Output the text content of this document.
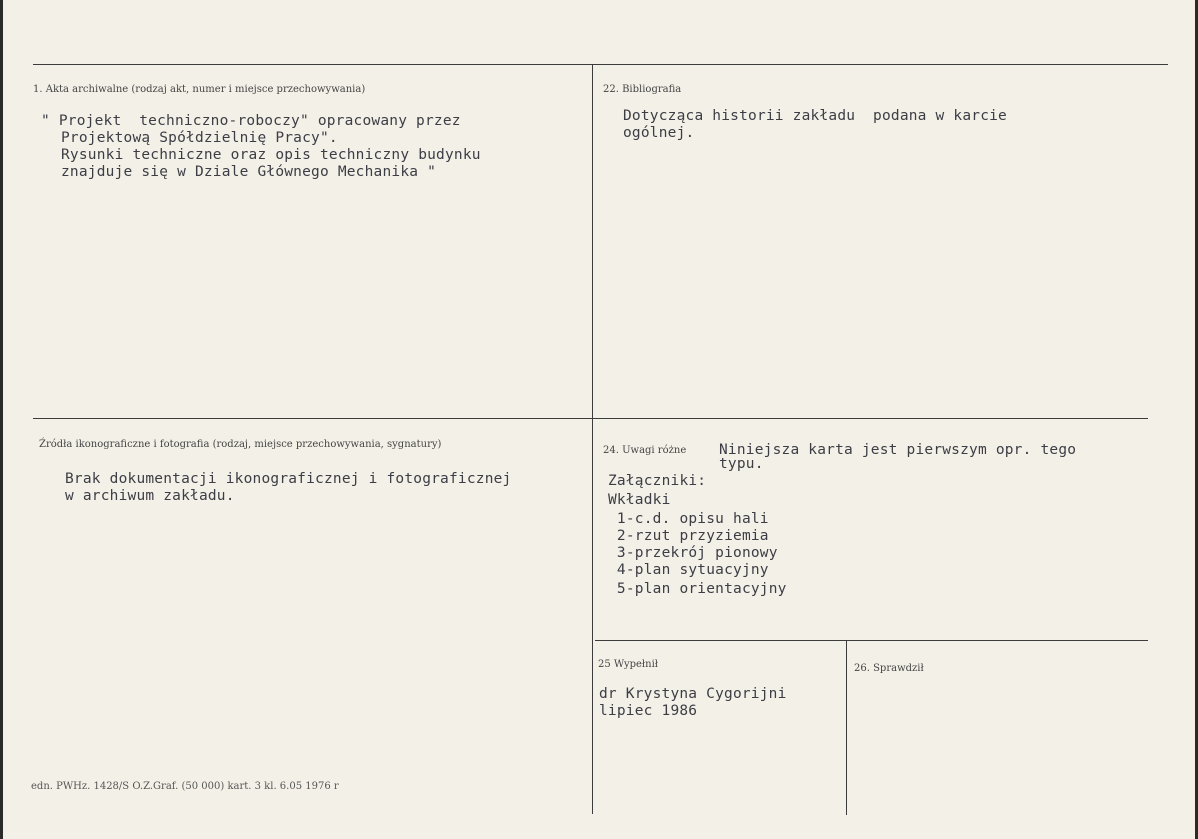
1. Akta archiwalne (rodzaj akt, numer i miejsce przechowywania)
" Projekt  techniczno-roboczy" opracowany przez
Projektową Spółdzielnię Pracy".
Rysunki techniczne oraz opis techniczny budynku
znajduje się w Dziale Głównego Mechanika "
22. Bibliografia
Dotycząca historii zakładu  podana w karcie
ogólnej.
Źródła ikonograficzne i fotografia (rodzaj, miejsce przechowywania, sygnatury)
Brak dokumentacji ikonograficznej i fotograficznej
w archiwum zakładu.
24. Uwagi różne Niniejsza karta jest pierwszym opr. tego
typu.
Załączniki:
Wkładki
1-c.d. opisu hali
2-rzut przyziemia
3-przekrój pionowy
4-plan sytuacyjny
5-plan orientacyjny
25 Wypełnił
dr Krystyna Cygorijni
lipiec 1986
26. Sprawdził
edn. PWHz. 1428/S O.Z.Graf. (50 000) kart. 3 kl. 6.05 1976 r
